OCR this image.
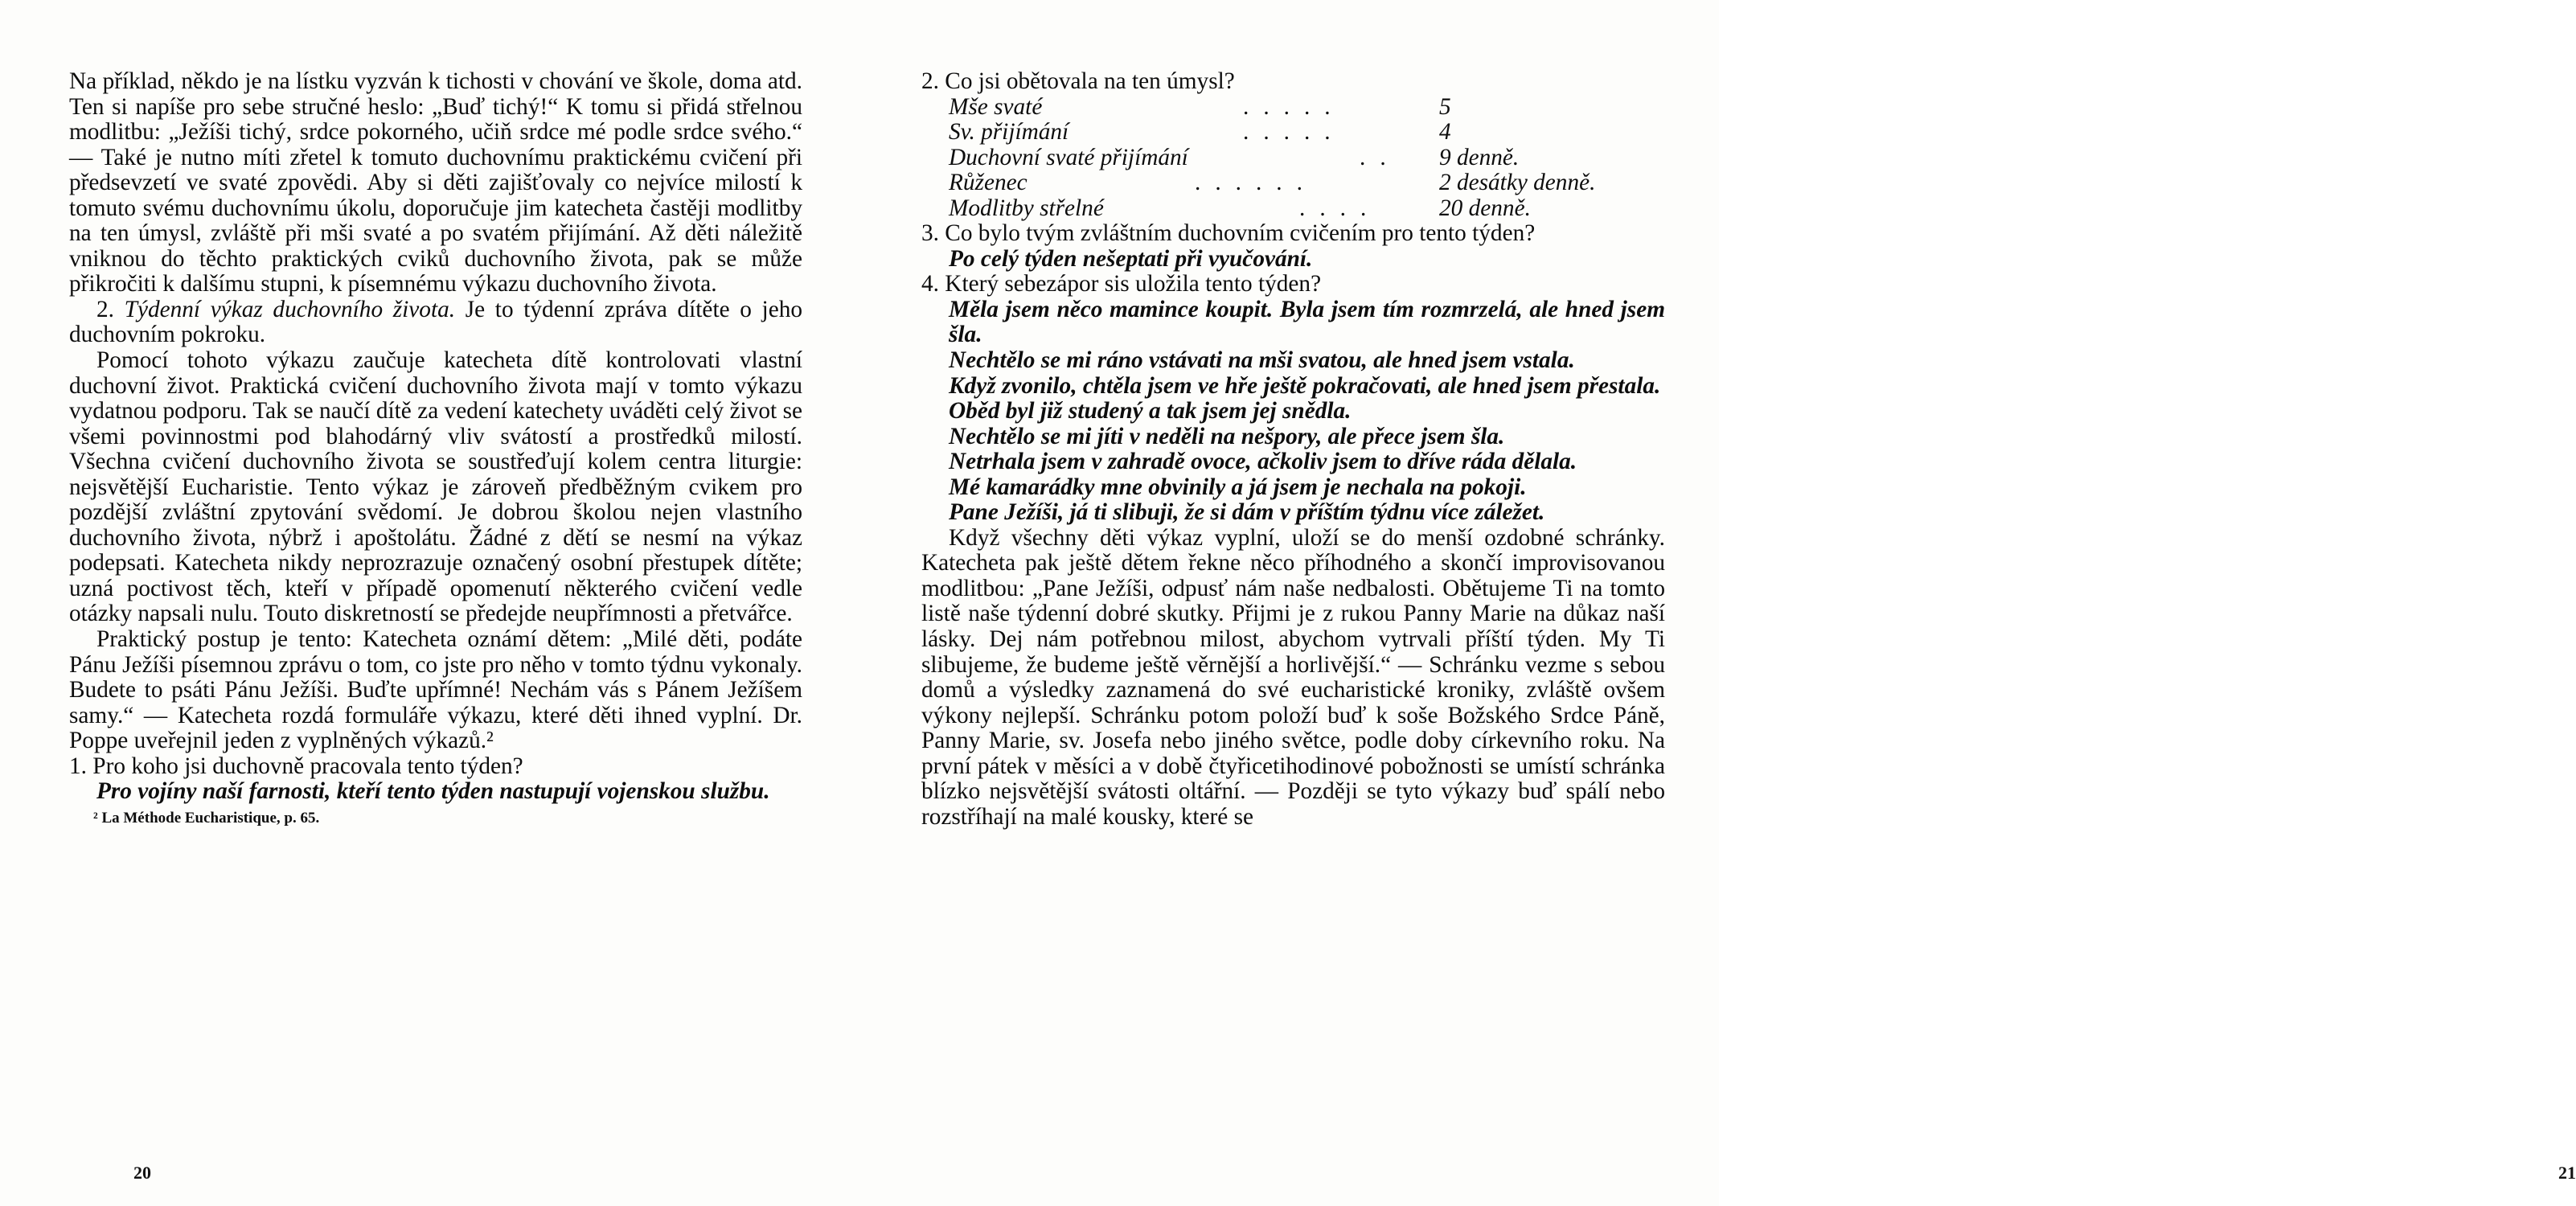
Na příklad, někdo je na lístku vyzván k tichosti v chování ve škole, doma atd. Ten si napíše pro sebe stručné heslo: „Buď tichý!“ K tomu si přidá střelnou modlitbu: „Ježíši tichý, srdce pokorného, učiň srdce mé podle srdce svého.“ — Také je nutno míti zřetel k tomuto duchovnímu praktickému cvičení při předsevzetí ve svaté zpovědi. Aby si děti zajišťovaly co nejvíce milostí k tomuto svému duchovnímu úkolu, doporučuje jim katecheta častěji modlitby na ten úmysl, zvláště při mši svaté a po svatém přijímání. Až děti náležitě vniknou do těchto praktických cviků duchovního života, pak se může přikročiti k dalšímu stupni, k písemnému výkazu duchovního života.

2. Týdenní výkaz duchovního života. Je to týdenní zpráva dítěte o jeho duchovním pokroku.

Pomocí tohoto výkazu zaučuje katecheta dítě kontrolovati vlastní duchovní život. Praktická cvičení duchovního života mají v tomto výkazu vydatnou podporu. Tak se naučí dítě za vedení katechety uváděti celý život se všemi povinnostmi pod blahodárný vliv svátostí a prostředků milostí. Všechna cvičení duchovního života se soustřeďují kolem centra liturgie: nejsvětější Eucharistie. Tento výkaz je zároveň předběžným cvikem pro pozdější zvláštní zpytování svědomí. Je dobrou školou nejen vlastního duchovního života, nýbrž i apoštolátu. Žádné z dětí se nesmí na výkaz podepsati. Katecheta nikdy neprozrazuje označený osobní přestupek dítěte; uzná poctivost těch, kteří v případě opomenutí některého cvičení vedle otázky napsali nulu. Touto diskretností se předejde neupřímnosti a přetvářce.

Praktický postup je tento: Katecheta oznámí dětem: „Milé děti, podáte Pánu Ježíši písemnou zprávu o tom, co jste pro něho v tomto týdnu vykonaly. Budete to psáti Pánu Ježíši. Buďte upřímné! Nechám vás s Pánem Ježíšem samy.“ — Katecheta rozdá formuláře výkazu, které děti ihned vyplní. Dr. Poppe uveřejnil jeden z vyplněných výkazů.²

1. Pro koho jsi duchovně pracovala tento týden?

Pro vojíny naší farnosti, kteří tento týden nastupují vojenskou službu.

² La Méthode Eucharistique, p. 65.

20

2. Co jsi obětovala na ten úmysl?

Mše svaté	.....	5
Sv. přijímání	.....	4
Duchovní svaté přijímání	.. 9 denně.
Růženec	......	2 desátky denně.
Modlitby střelné	.... 20 denně.

3. Co bylo tvým zvláštním duchovním cvičením pro tento týden?

Po celý týden nešeptati při vyučování.

4. Který sebezápor sis uložila tento týden?

Měla jsem něco mamince koupit. Byla jsem tím rozmrzelá, ale hned jsem šla.

Nechtělo se mi ráno vstávati na mši svatou, ale hned jsem vstala.

Když zvonilo, chtěla jsem ve hře ještě pokračovati, ale hned jsem přestala.

Oběd byl již studený a tak jsem jej snědla.

Nechtělo se mi jíti v neděli na nešpory, ale přece jsem šla.

Netrhala jsem v zahradě ovoce, ačkoliv jsem to dříve ráda dělala.

Mé kamarádky mne obvinily a já jsem je nechala na pokoji.

Pane Ježíši, já ti slibuji, že si dám v příštím týdnu více záležet.

Když všechny děti výkaz vyplní, uloží se do menší ozdobné schránky. Katecheta pak ještě dětem řekne něco příhodného a skončí improvisovanou modlitbou: „Pane Ježíši, odpusť nám naše nedbalosti. Obětujeme Ti na tomto listě naše týdenní dobré skutky. Přijmi je z rukou Panny Marie na důkaz naší lásky. Dej nám potřebnou milost, abychom vytrvali příští týden. My Ti slibujeme, že budeme ještě věrnější a horlivější.“ — Schránku vezme s sebou domů a výsledky zaznamená do své eucharistické kroniky, zvláště ovšem výkony nejlepší. Schránku potom položí buď k soše Božského Srdce Páně, Panny Marie, sv. Josefa nebo jiného světce, podle doby církevního roku. Na první pátek v měsíci a v době čtyřicetihodinové pobožnosti se umístí schránka blízko nejsvětější svátosti oltářní. — Později se tyto výkazy buď spálí nebo rozstříhají na malé kousky, které se

21
